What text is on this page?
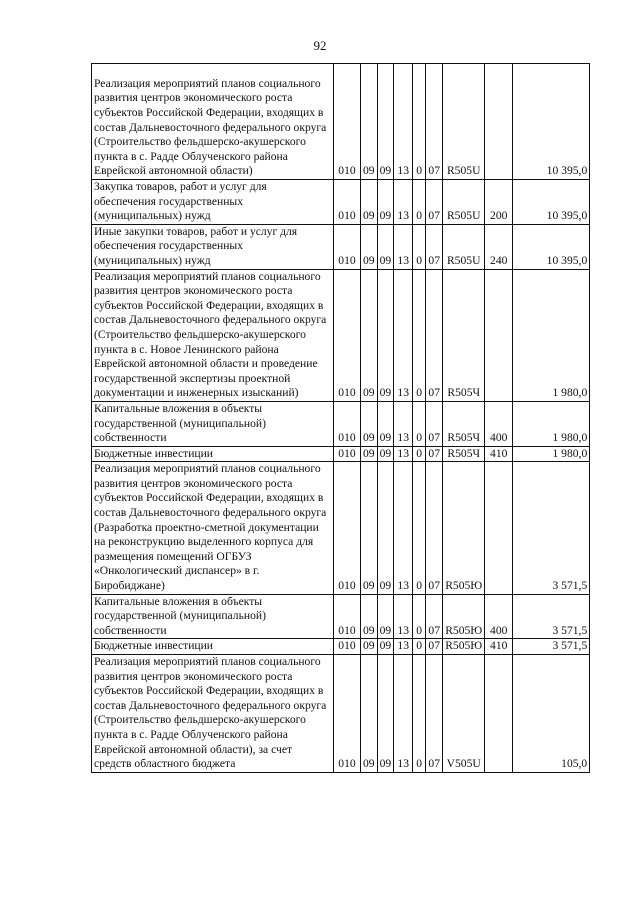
92
Реализация мероприятий планов социального развития центров экономического роста субъектов Российской Федерации, входящих в состав Дальневосточного федерального округа (Строительство фельдшерско-акушерского пункта в с. Радде Облученского района Еврейской автономной области)	010	09	09	13	0	07	R505U		10 395,0
Закупка товаров, работ и услуг для обеспечения государственных (муниципальных) нужд	010	09	09	13	0	07	R505U	200	10 395,0
Иные закупки товаров, работ и услуг для обеспечения государственных (муниципальных) нужд	010	09	09	13	0	07	R505U	240	10 395,0
Реализация мероприятий планов социального развития центров экономического роста субъектов Российской Федерации, входящих в состав Дальневосточного федерального округа (Строительство фельдшерско-акушерского пункта в с. Новое Ленинского района Еврейской автономной области и проведение государственной экспертизы проектной документации и инженерных изысканий)	010	09	09	13	0	07	R505Ч		1 980,0
Капитальные вложения в объекты государственной (муниципальной) собственности	010	09	09	13	0	07	R505Ч	400	1 980,0
Бюджетные инвестиции	010	09	09	13	0	07	R505Ч	410	1 980,0
Реализация мероприятий планов социального развития центров экономического роста субъектов Российской Федерации, входящих в состав Дальневосточного федерального округа (Разработка проектно-сметной документации на реконструкцию выделенного корпуса для размещения помещений ОГБУЗ «Онкологический диспансер» в г. Биробиджане)	010	09	09	13	0	07	R505Ю		3 571,5
Капитальные вложения в объекты государственной (муниципальной) собственности	010	09	09	13	0	07	R505Ю	400	3 571,5
Бюджетные инвестиции	010	09	09	13	0	07	R505Ю	410	3 571,5
Реализация мероприятий планов социального развития центров экономического роста субъектов Российской Федерации, входящих в состав Дальневосточного федерального округа (Строительство фельдшерско-акушерского пункта в с. Радде Облученского района Еврейской автономной области), за счет средств областного бюджета	010	09	09	13	0	07	V505U		105,0
